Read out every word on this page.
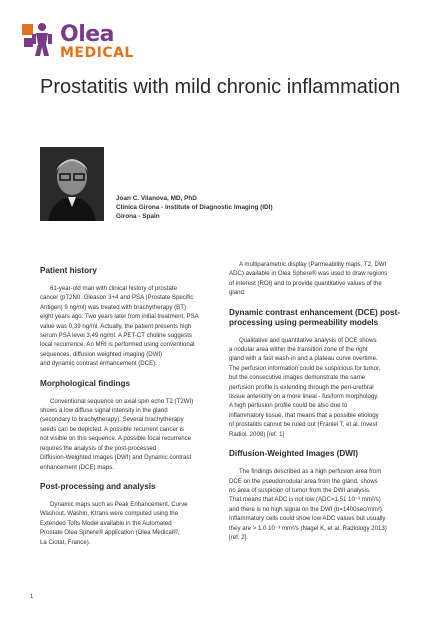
Olea
MEDICAL
Prostatitis with mild chronic inflammation
Joan C. Vilanova, MD, PhD
Clinica Girona - Institute of Diagnostic Imaging (IDI)
Girona - Spain
Patient history
61-year-old man with clinical history of prostate
cancer (pT2N0. Gleason 3+4 and PSA (Prostate Specific
Antigen) 9 ng/ml) was treated with brachytherapy (BT)
eight years ago. Two years later from initial treatment, PSA
value was 0,39 ng/ml. Actually, the patient presents high
serum PSA level 3,49 ng/ml. A PET-CT choline suggests
local recurrence. An MRI is performed using conventional
sequences, diffusion weighted imaging (DWI)
and dynamic contrast enhancement (DCE).
Morphological findings
Conventional sequence on axial spin echo T2 (T2WI)
shows a low diffuse signal intensity in the gland
(secondary to brachytherapy). Several brachytherapy
seeds can be depicted. A possible recurrent cancer is
not visible on this sequence. A possible focal recurrence
requires the analysis of the post-processed
Diffusion-Weighted Images (DWI) and Dynamic contrast
enhancement (DCE) maps.
Post-processing and analysis
Dynamic maps such as Peak Enhancement, Curve
Washout, Washin, Ktrans were computed using the
Extended Tofts Model available in the Automated
Prostate Olea Sphere® application (Olea Medical®,
La Ciotat, France).
A multiparametric display (Parmeability maps, T2, DWI
ADC) available in Olea Sphere® was used to draw regions
of interest (ROI) and to provide quantitative values of the
gland.
Dynamic contrast enhancement (DCE) post-processing using permeability models
Qualitative and quantitative analysis of DCE shows
a nodular area within the transition zone of the right
gland with a fast wash-in and a plateau curve overtime.
The perfusion information could be suspicious for tumor,
but the consecutive images demonstrate the same
perfusion profile is extending through the peri-urethral
tissue anteriorly on a more lineal - fusiform morphology.
A high perfusion profile could be also due to
inflammatory tissue, that means that a possible etiology
of prostatitis cannot be ruled out (Franiel T, et al. Invest
Radiol. 2008) [ref. 1]
Diffusion-Weighted Images (DWI)
The findings described as a high perfusion area from
DCE on the pseudonodular area from the gland, shows
no area of suspicion of tumor from the DWI analysis.
That means that ADC is not low (ADC=1.51 10⁻³ mm²/s)
and there is no high signal on the DWI (b=1400sec/mm²).
Inflammatory cells could show low ADC values but usually
they are > 1.0 10⁻³ mm²/s (Nagel K, et al. Radiology 2013)
[ref. 2].
1
